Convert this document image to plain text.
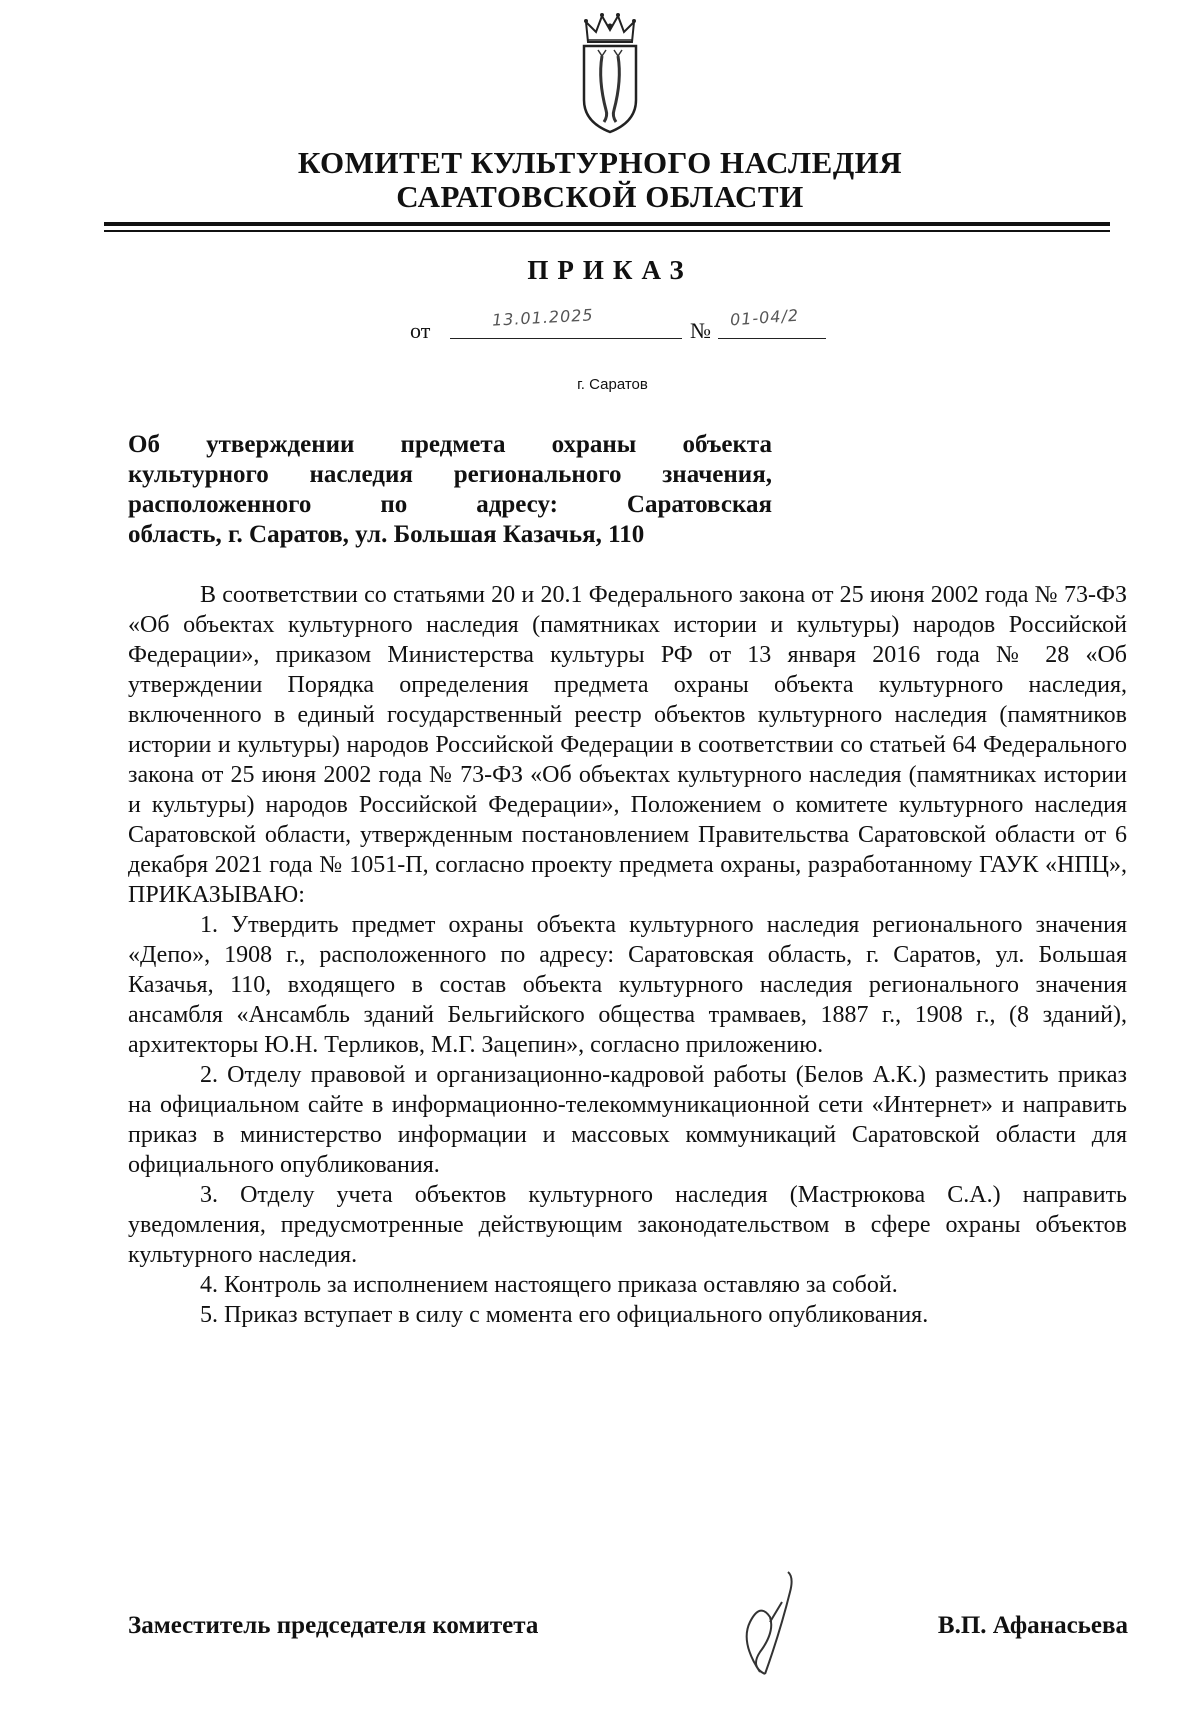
КОМИТЕТ КУЛЬТУРНОГО НАСЛЕДИЯ
САРАТОВСКОЙ ОБЛАСТИ
ПРИКАЗ
от
13.01.2025
№
01-04/2
г. Саратов
Об утверждении предмета охраны объекта
культурного наследия регионального значения,
расположенного по адресу: Саратовская
область, г. Саратов, ул. Большая Казачья, 110

В соответствии со статьями 20 и 20.1 Федерального закона от 25 июня 2002 года № 73-ФЗ «Об объектах культурного наследия (памятниках истории и культуры) народов Российской Федерации», приказом Министерства культуры РФ от 13 января 2016 года № 28 «Об утверждении Порядка определения предмета охраны объекта культурного наследия, включенного в единый государственный реестр объектов культурного наследия (памятников истории и культуры) народов Российской Федерации в соответствии со статьей 64 Федерального закона от 25 июня 2002 года № 73-ФЗ «Об объектах культурного наследия (памятниках истории и культуры) народов Российской Федерации», Положением о комитете культурного наследия Саратовской области, утвержденным постановлением Правительства Саратовской области от 6 декабря 2021 года № 1051-П, согласно проекту предмета охраны, разработанному ГАУК «НПЦ», ПРИКАЗЫВАЮ:

1. Утвердить предмет охраны объекта культурного наследия регионального значения «Депо», 1908 г., расположенного по адресу: Саратовская область, г. Саратов, ул. Большая Казачья, 110, входящего в состав объекта культурного наследия регионального значения ансамбля «Ансамбль зданий Бельгийского общества трамваев, 1887 г., 1908 г., (8 зданий), архитекторы Ю.Н. Терликов, М.Г. Зацепин», согласно приложению.

2. Отделу правовой и организационно-кадровой работы (Белов А.К.) разместить приказ на официальном сайте в информационно-телекоммуникационной сети «Интернет» и направить приказ в министерство информации и массовых коммуникаций Саратовской области для официального опубликования.

3. Отделу учета объектов культурного наследия (Мастрюкова С.А.) направить уведомления, предусмотренные действующим законодательством в сфере охраны объектов культурного наследия.

4. Контроль за исполнением настоящего приказа оставляю за собой.

5. Приказ вступает в силу с момента его официального опубликования.

Заместитель председателя комитета	В.П. Афанасьева
